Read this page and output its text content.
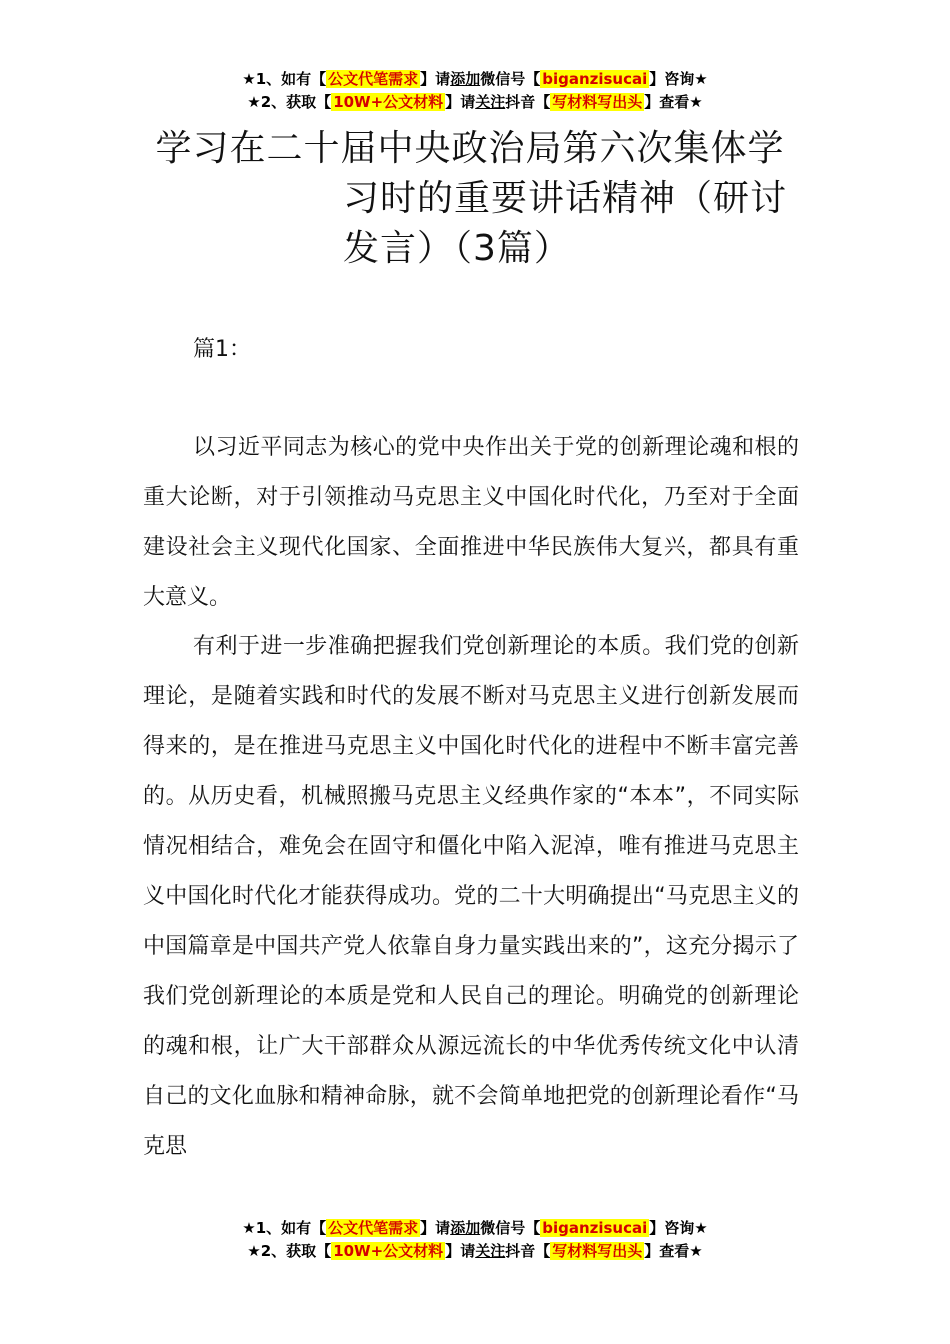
★1、如有【 公文代笔需求 】请添加微信号【 biganzisucai 】咨询★
★2、获取【 10W+公文材料 】请关注抖音【 写材料写出头 】查看★
学习在二十届中央政治局第六次集体学
习时的重要讲话精神（研讨
发言）（3篇）
篇1：

以习近平同志为核心的党中央作出关于党的创新理论魂和根的重大论断，对于引领推动马克思主义中国化时代化，乃至对于全面建设社会主义现代化国家、全面推进中华民族伟大复兴，都具有重大意义。

有利于进一步准确把握我们党创新理论的本质。我们党的创新理论，是随着实践和时代的发展不断对马克思主义进行创新发展而得来的，是在推进马克思主义中国化时代化的进程中不断丰富完善的。从历史看，机械照搬马克思主义经典作家的“本本”，不同实际情况相结合，难免会在固守和僵化中陷入泥淖，唯有推进马克思主义中国化时代化才能获得成功。党的二十大明确提出“马克思主义的中国篇章是中国共产党人依靠自身力量实践出来的”，这充分揭示了我们党创新理论的本质是党和人民自己的理论。明确党的创新理论的魂和根，让广大干部群众从源远流长的中华优秀传统文化中认清自己的文化血脉和精神命脉，就不会简单地把党的创新理论看作“马克思

★1、如有【 公文代笔需求 】请添加微信号【 biganzisucai 】咨询★
★2、获取【 10W+公文材料 】请关注抖音【 写材料写出头 】查看★
